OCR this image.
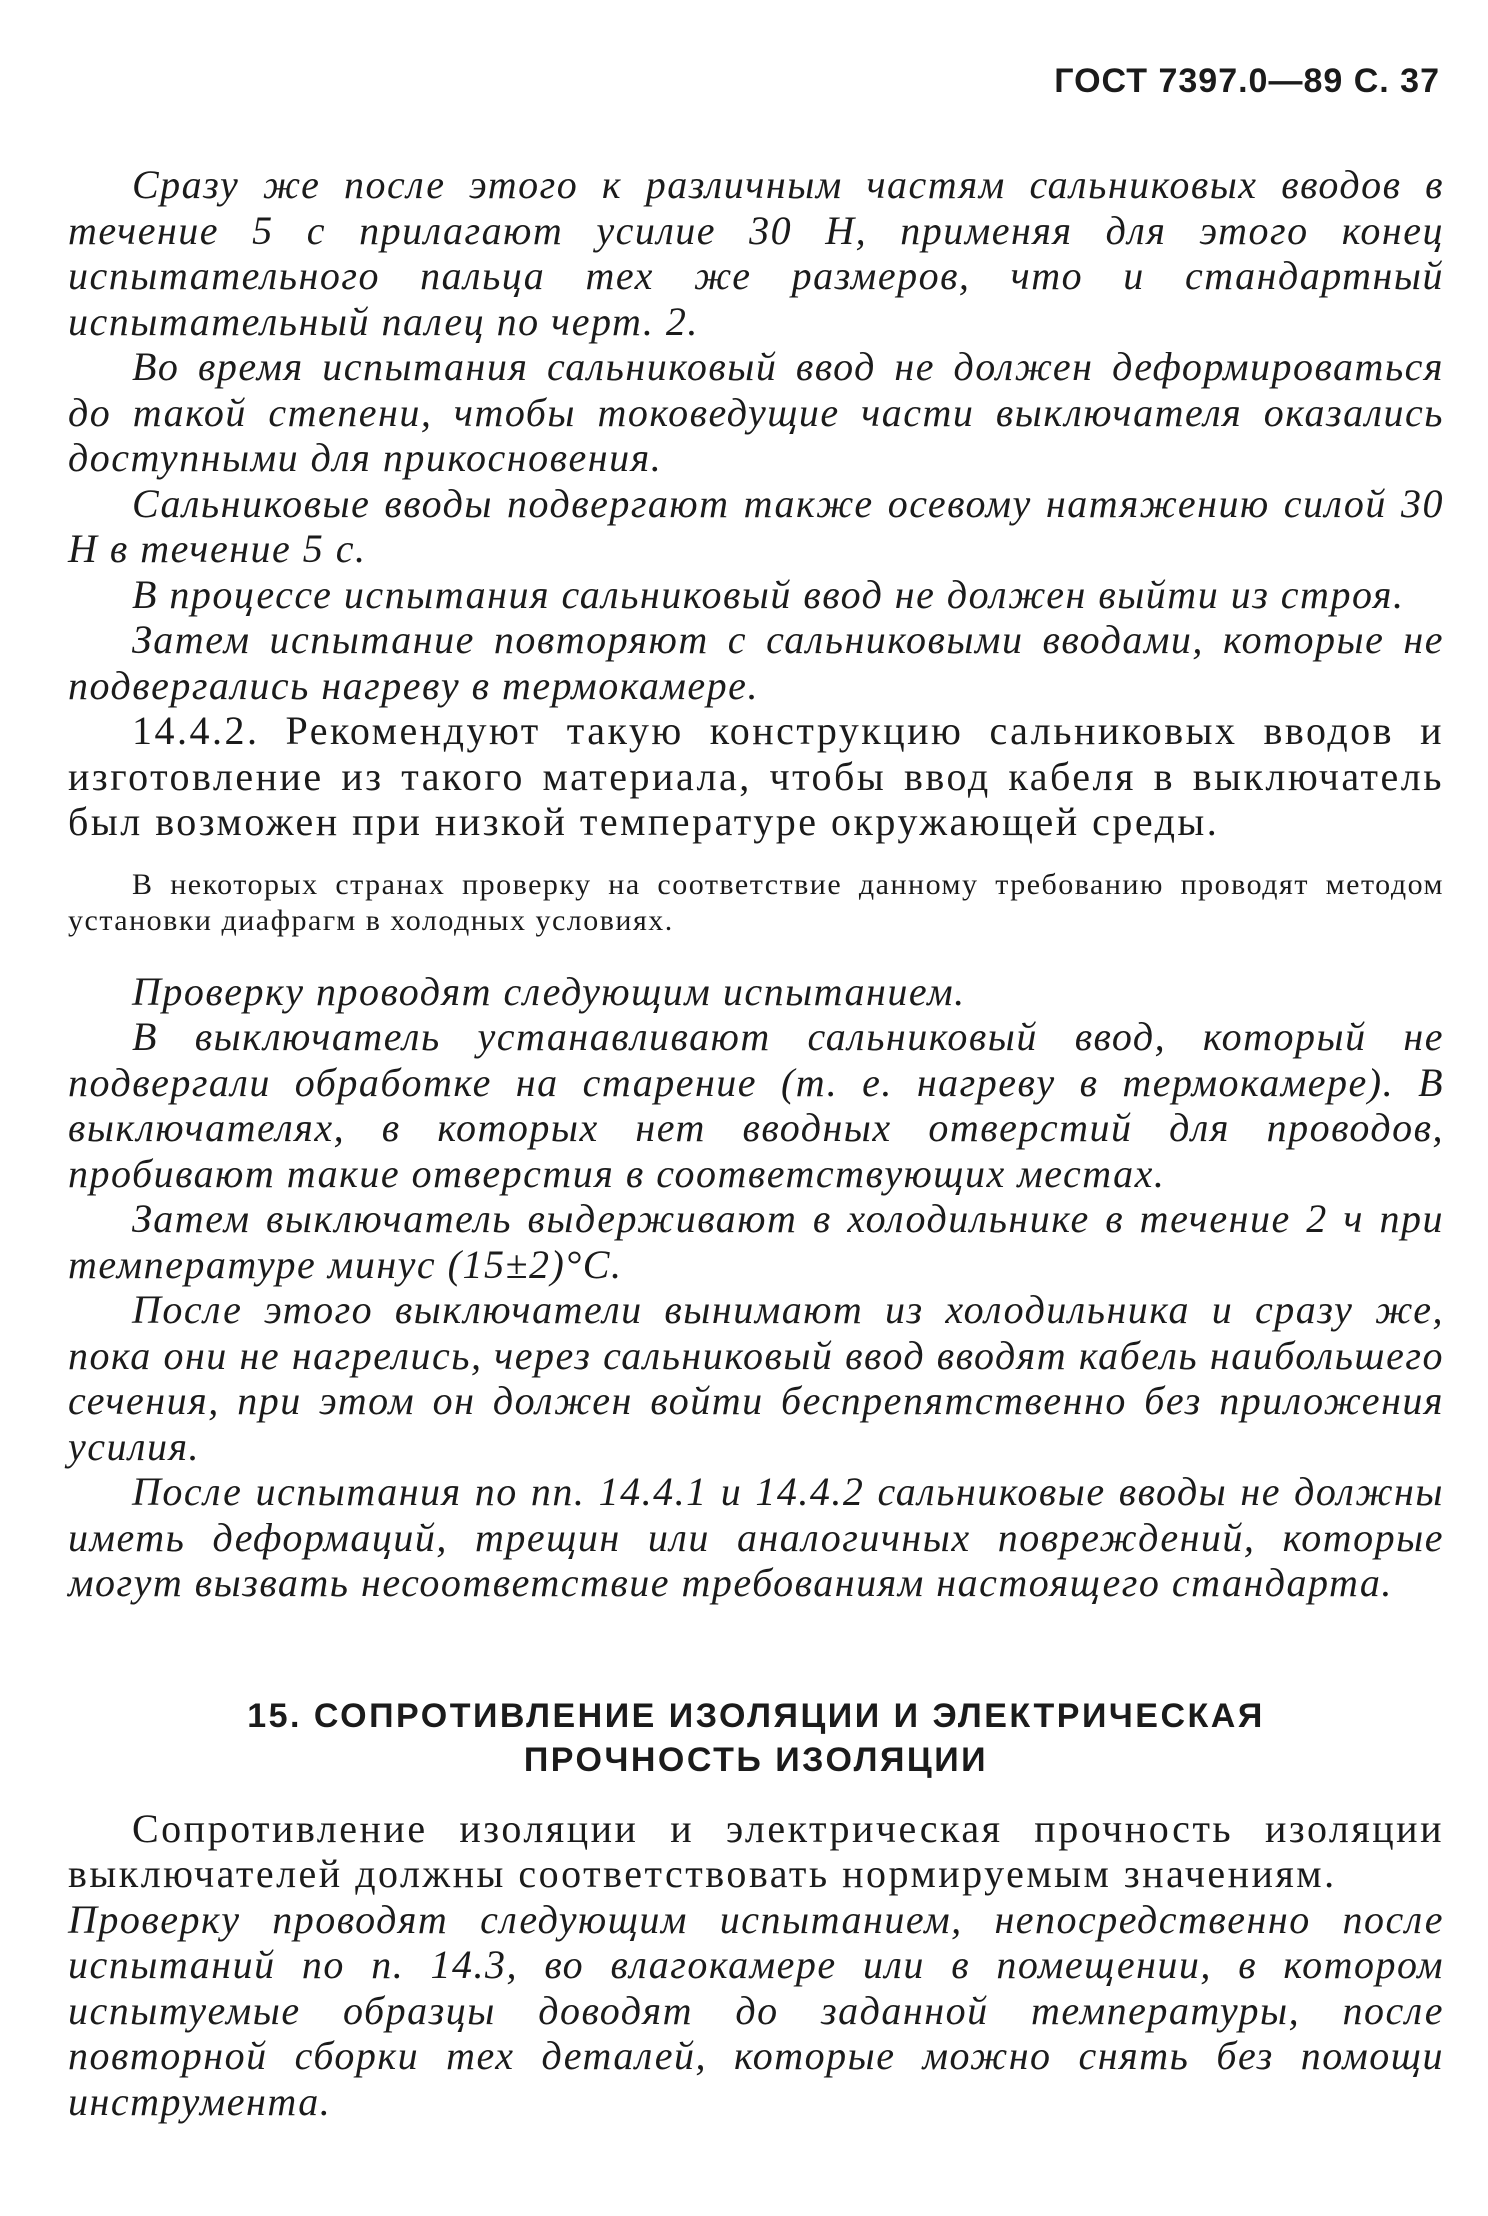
ГОСТ 7397.0—89 С. 37

Сразу же после этого к различным частям сальниковых вводов в течение 5 с прилагают усилие 30 Н, применяя для этого конец испытательного пальца тех же размеров, что и стандартный испытательный палец по черт. 2.

Во время испытания сальниковый ввод не должен деформироваться до такой степени, чтобы токоведущие части выключателя оказались доступными для прикосновения.

Сальниковые вводы подвергают также осевому натяжению силой 30 Н в течение 5 с.

В процессе испытания сальниковый ввод не должен выйти из строя.

Затем испытание повторяют с сальниковыми вводами, которые не подвергались нагреву в термокамере.

14.4.2. Рекомендуют такую конструкцию сальниковых вводов и изготовление из такого материала, чтобы ввод кабеля в выключатель был возможен при низкой температуре окружающей среды.

В некоторых странах проверку на соответствие данному требованию проводят методом установки диафрагм в холодных условиях.

Проверку проводят следующим испытанием.

В выключатель устанавливают сальниковый ввод, который не подвергали обработке на старение (т. е. нагреву в термокамере). В выключателях, в которых нет вводных отверстий для проводов, пробивают такие отверстия в соответствующих местах.

Затем выключатель выдерживают в холодильнике в течение 2 ч при температуре минус (15±2)°С.

После этого выключатели вынимают из холодильника и сразу же, пока они не нагрелись, через сальниковый ввод вводят кабель наибольшего сечения, при этом он должен войти беспрепятственно без приложения усилия.

После испытания по пп. 14.4.1 и 14.4.2 сальниковые вводы не должны иметь деформаций, трещин или аналогичных повреждений, которые могут вызвать несоответствие требованиям настоящего стандарта.

15. СОПРОТИВЛЕНИЕ ИЗОЛЯЦИИ И ЭЛЕКТРИЧЕСКАЯ
ПРОЧНОСТЬ ИЗОЛЯЦИИ

Сопротивление изоляции и электрическая прочность изоляции выключателей должны соответствовать нормируемым значениям.

Проверку проводят следующим испытанием, непосредственно после испытаний по п. 14.3, во влагокамере или в помещении, в котором испытуемые образцы доводят до заданной температуры, после повторной сборки тех деталей, которые можно снять без помощи инструмента.
